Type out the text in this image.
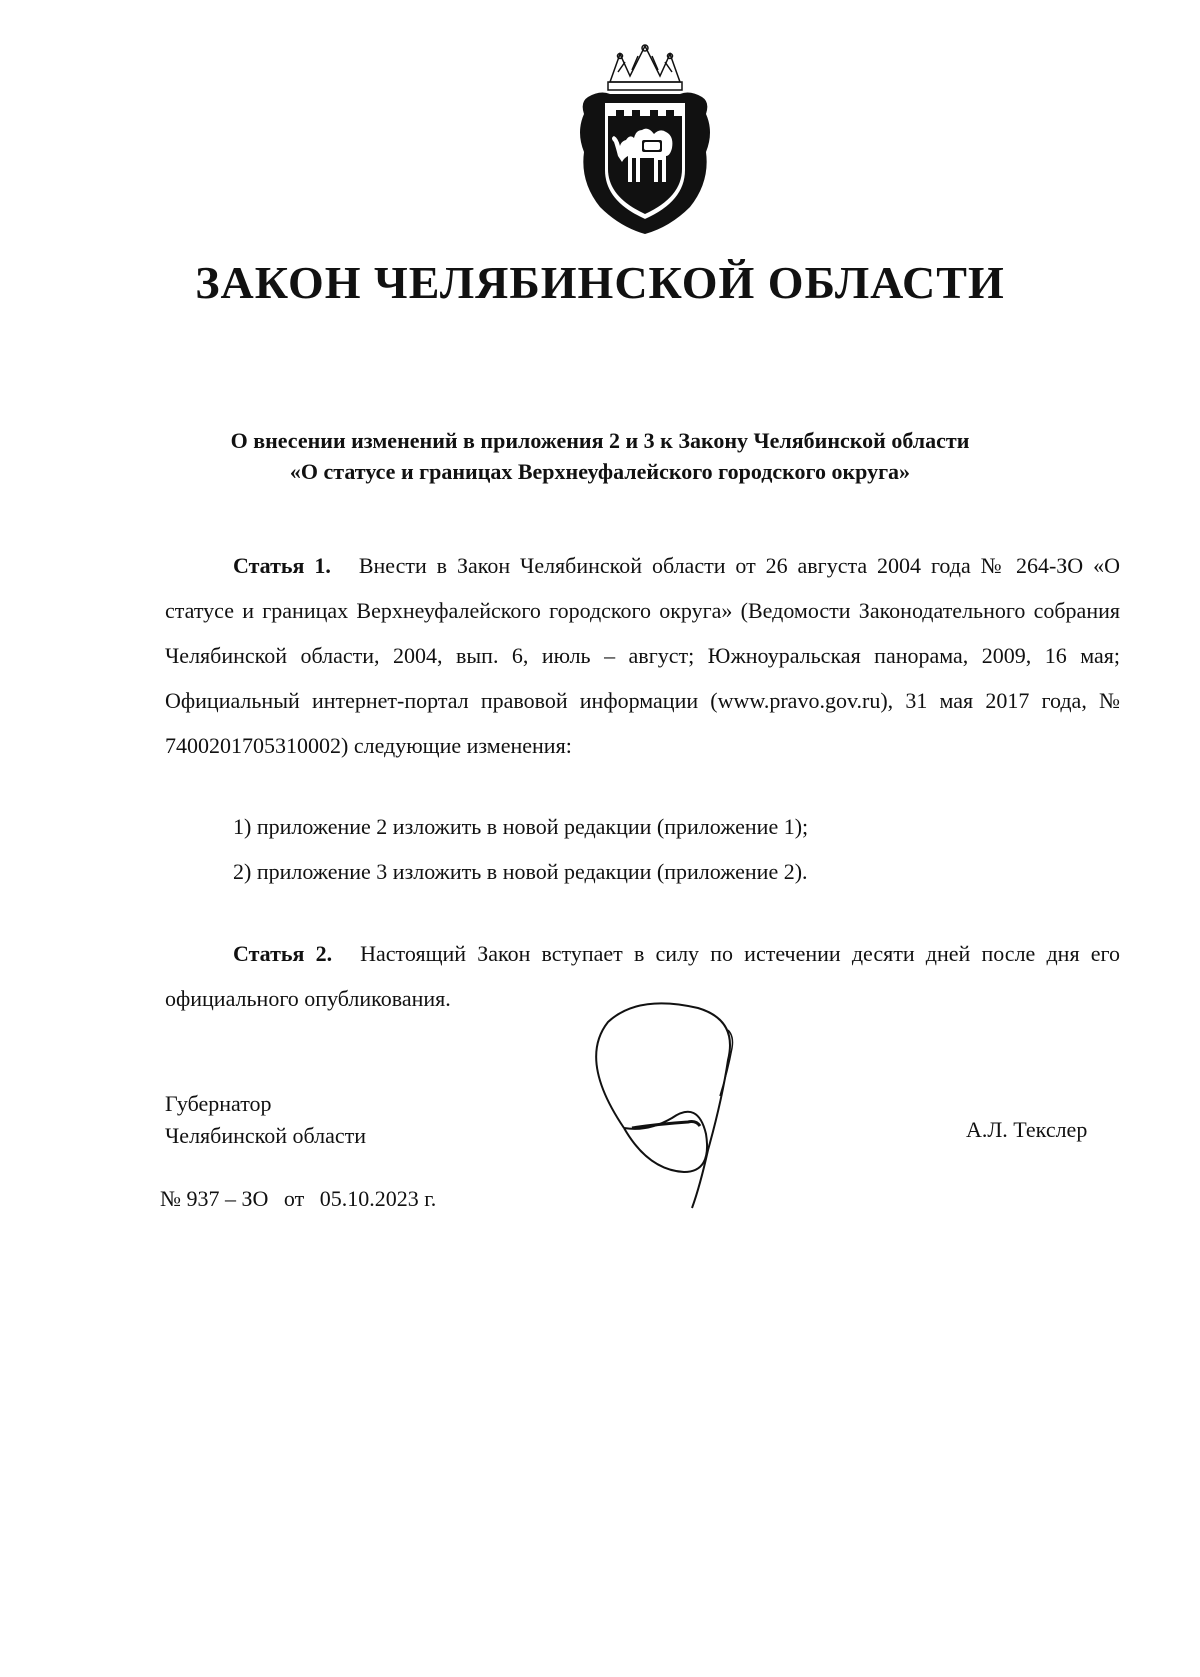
ЗАКОН ЧЕЛЯБИНСКОЙ ОБЛАСТИ
О внесении изменений в приложения 2 и 3 к Закону Челябинской области
«О статусе и границах Верхнеуфалейского городского округа»

Статья 1. Внести в Закон Челябинской области от 26 августа 2004 года № 264-ЗО «О статусе и границах Верхнеуфалейского городского округа» (Ведомости Законодательного собрания Челябинской области, 2004, вып. 6, июль – август; Южноуральская панорама, 2009, 16 мая; Официальный интернет-портал правовой информации (www.pravo.gov.ru), 31 мая 2017 года, № 7400201705310002) следующие изменения:

1) приложение 2 изложить в новой редакции (приложение 1);

2) приложение 3 изложить в новой редакции (приложение 2).

Статья 2. Настоящий Закон вступает в силу по истечении десяти дней после дня его официального опубликования.

Губернатор
Челябинской области	А.Л. Текслер
№ 937 – ЗО от 05.10.2023 г.
